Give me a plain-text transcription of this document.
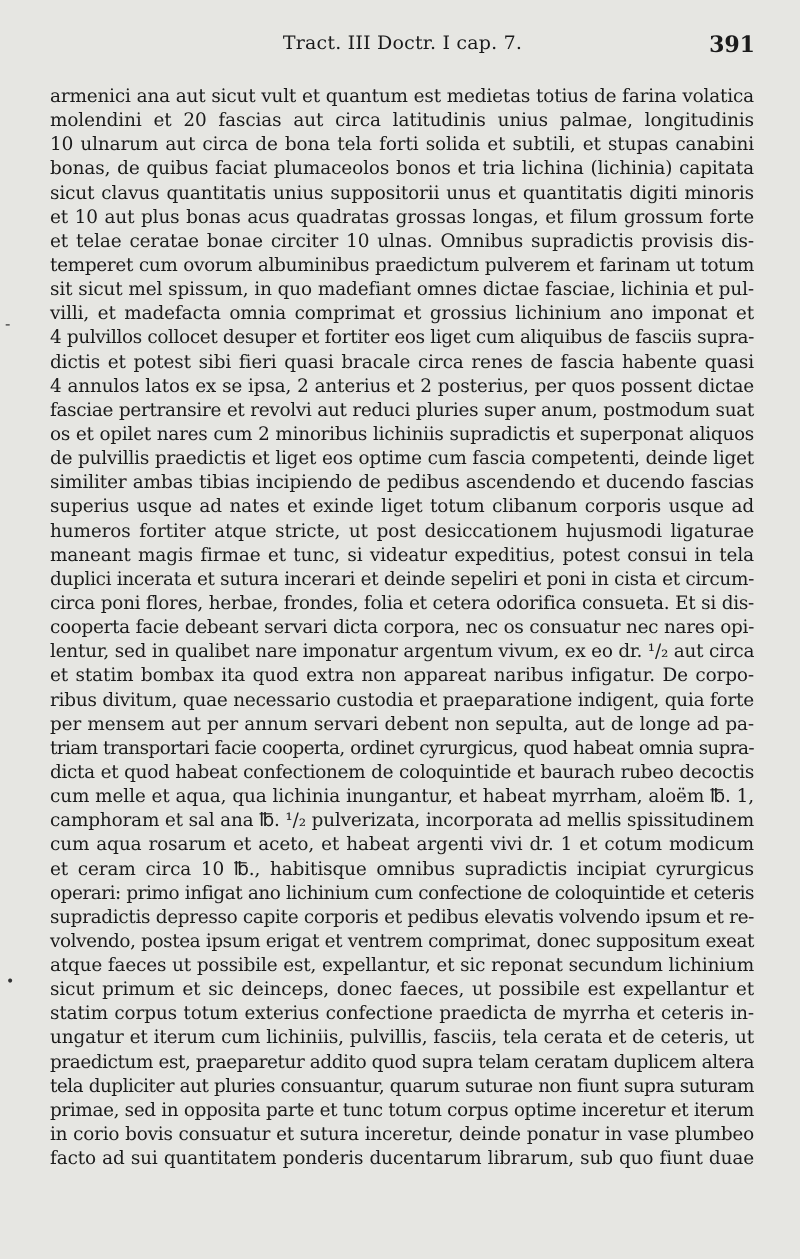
Tract. III Doctr. I cap. 7.	391
-
•
armenici ana aut sicut vult et quantum est medietas totius de farina volatica
molendini et 20 fascias aut circa latitudinis unius palmae, longitudinis
10 ulnarum aut circa de bona tela forti solida et subtili, et stupas canabini
bonas, de quibus faciat plumaceolos bonos et tria lichina (lichinia) capitata
sicut clavus quantitatis unius suppositorii unus et quantitatis digiti minoris
et 10 aut plus bonas acus quadratas grossas longas, et filum grossum forte
et telae ceratae bonae circiter 10 ulnas. Omnibus supradictis provisis dis-
temperet cum ovorum albuminibus praedictum pulverem et farinam ut totum
sit sicut mel spissum, in quo madefiant omnes dictae fasciae, lichinia et pul-
villi, et madefacta omnia comprimat et grossius lichinium ano imponat et
4 pulvillos collocet desuper et fortiter eos liget cum aliquibus de fasciis supra-
dictis et potest sibi fieri quasi bracale circa renes de fascia habente quasi
4 annulos latos ex se ipsa, 2 anterius et 2 posterius, per quos possent dictae
fasciae pertransire et revolvi aut reduci pluries super anum, postmodum suat
os et opilet nares cum 2 minoribus lichiniis supradictis et superponat aliquos
de pulvillis praedictis et liget eos optime cum fascia competenti, deinde liget
similiter ambas tibias incipiendo de pedibus ascendendo et ducendo fascias
superius usque ad nates et exinde liget totum clibanum corporis usque ad
humeros fortiter atque stricte, ut post desiccationem hujusmodi ligaturae
maneant magis firmae et tunc, si videatur expeditius, potest consui in tela
duplici incerata et sutura incerari et deinde sepeliri et poni in cista et circum-
circa poni flores, herbae, frondes, folia et cetera odorifica consueta. Et si dis-
cooperta facie debeant servari dicta corpora, nec os consuatur nec nares opi-
lentur, sed in qualibet nare imponatur argentum vivum, ex eo dr. ¹/₂ aut circa
et statim bombax ita quod extra non appareat naribus infigatur. De corpo-
ribus divitum, quae necessario custodia et praeparatione indigent, quia forte
per mensem aut per annum servari debent non sepulta, aut de longe ad pa-
triam transportari facie cooperta, ordinet cyrurgicus, quod habeat omnia supra-
dicta et quod habeat confectionem de coloquintide et baurach rubeo decoctis
cum melle et aqua, qua lichinia inungantur, et habeat myrrham, aloëm ℔. 1,
camphoram et sal ana ℔. ¹/₂ pulverizata, incorporata ad mellis spissitudinem
cum aqua rosarum et aceto, et habeat argenti vivi dr. 1 et cotum modicum
et ceram circa 10 ℔., habitisque omnibus supradictis incipiat cyrurgicus
operari: primo infigat ano lichinium cum confectione de coloquintide et ceteris
supradictis depresso capite corporis et pedibus elevatis volvendo ipsum et re-
volvendo, postea ipsum erigat et ventrem comprimat, donec suppositum exeat
atque faeces ut possibile est, expellantur, et sic reponat secundum lichinium
sicut primum et sic deinceps, donec faeces, ut possibile est expellantur et
statim corpus totum exterius confectione praedicta de myrrha et ceteris in-
ungatur et iterum cum lichiniis, pulvillis, fasciis, tela cerata et de ceteris, ut
praedictum est, praeparetur addito quod supra telam ceratam duplicem altera
tela dupliciter aut pluries consuantur, quarum suturae non fiunt supra suturam
primae, sed in opposita parte et tunc totum corpus optime inceretur et iterum
in corio bovis consuatur et sutura inceretur, deinde ponatur in vase plumbeo
facto ad sui quantitatem ponderis ducentarum librarum, sub quo fiunt duae
